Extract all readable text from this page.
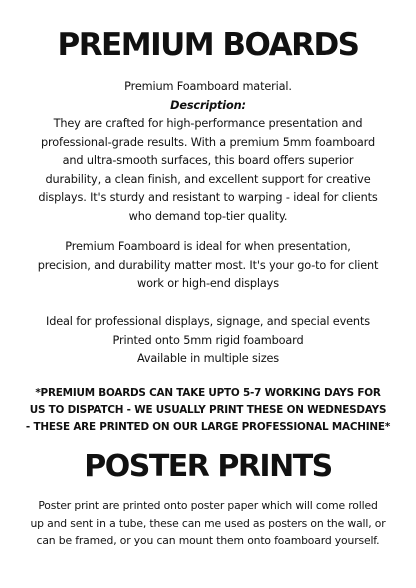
PREMIUM BOARDS
Premium Foamboard material.
Description:
They are crafted for high-performance presentation and
professional-grade results. With a premium 5mm foamboard
and ultra-smooth surfaces, this board offers superior
durability, a clean finish, and excellent support for creative
displays. It's sturdy and resistant to warping - ideal for clients
who demand top-tier quality.
Premium Foamboard is ideal for when presentation,
precision, and durability matter most. It's your go-to for client
work or high-end displays
Ideal for professional displays, signage, and special events
Printed onto 5mm rigid foamboard
Available in multiple sizes
*PREMIUM BOARDS CAN TAKE UPTO 5-7 WORKING DAYS FOR
US TO DISPATCH - WE USUALLY PRINT THESE ON WEDNESDAYS
- THESE ARE PRINTED ON OUR LARGE PROFESSIONAL MACHINE*
POSTER PRINTS
Poster print are printed onto poster paper which will come rolled
up and sent in a tube, these can me used as posters on the wall, or
can be framed, or you can mount them onto foamboard yourself.
